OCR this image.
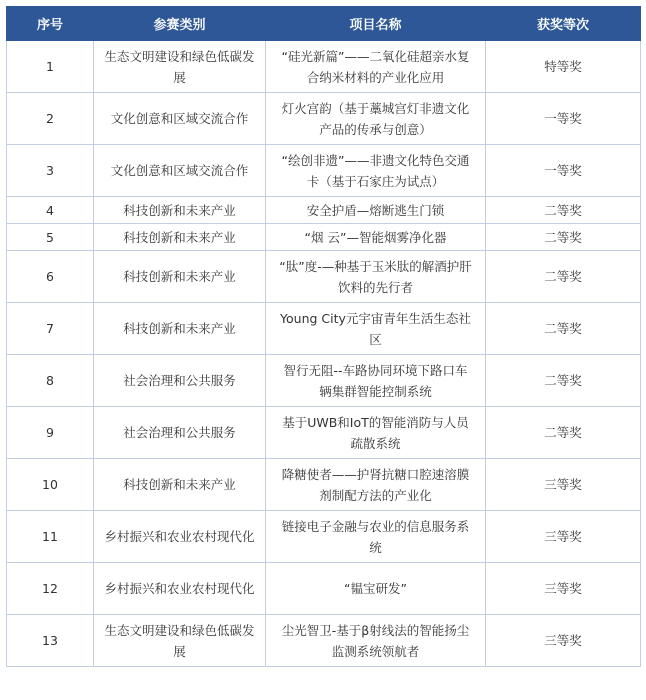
序号	参赛类别	项目名称	获奖等次
1	生态文明建设和绿色低碳发展	“硅光新篇”——二氧化硅超亲水复合纳米材料的产业化应用	特等奖
2	文化创意和区域交流合作	灯火宫韵（基于藁城宫灯非遗文化产品的传承与创意）	一等奖
3	文化创意和区域交流合作	“绘创非遗”——非遗文化特色交通卡（基于石家庄为试点）	一等奖
4	科技创新和未来产业	安全护盾—熔断逃生门锁	二等奖
5	科技创新和未来产业	“烟 云”—智能烟雾净化器	二等奖
6	科技创新和未来产业	“肽”度-—种基于玉米肽的解酒护肝饮料的先行者	二等奖
7	科技创新和未来产业	Young City元宇宙青年生活生态社区	二等奖
8	社会治理和公共服务	智行无阻--车路协同环境下路口车辆集群智能控制系统	二等奖
9	社会治理和公共服务	基于UWB和IoT的智能消防与人员疏散系统	二等奖
10	科技创新和未来产业	降糖使者——护肾抗糖口腔速溶膜剂制配方法的产业化	三等奖
11	乡村振兴和农业农村现代化	链接电子金融与农业的信息服务系统	三等奖
12	乡村振兴和农业农村现代化	“韫宝研发”	三等奖
13	生态文明建设和绿色低碳发展	尘光智卫-基于β射线法的智能扬尘监测系统领航者	三等奖
